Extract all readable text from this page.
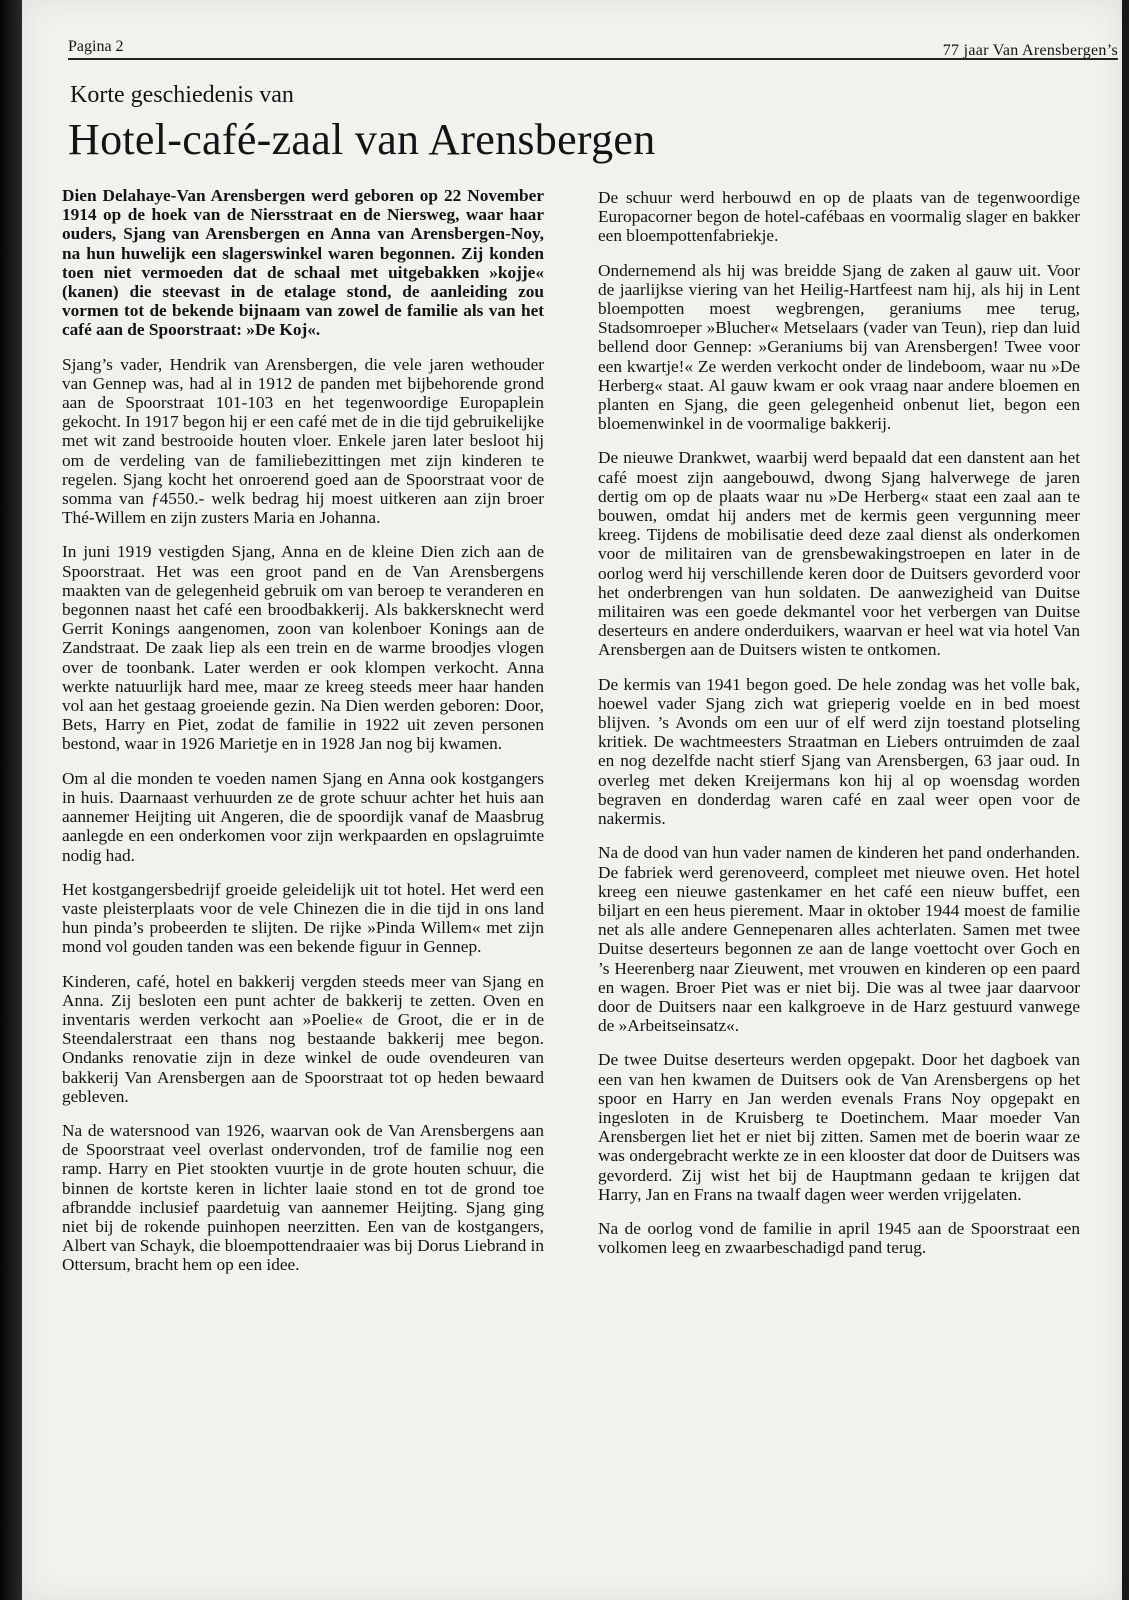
Pagina 2	77 jaar Van Arensbergen’s
Korte geschiedenis van
Hotel-café-zaal van Arensbergen

Dien Delahaye-Van Arensbergen werd geboren op 22 November 1914 op de hoek van de Niersstraat en de Niersweg, waar haar ouders, Sjang van Arensbergen en Anna van Arensbergen-Noy, na hun huwelijk een slagerswinkel waren begonnen. Zij konden toen niet vermoeden dat de schaal met uitgebakken »kojje« (kanen) die steevast in de etalage stond, de aanleiding zou vormen tot de bekende bijnaam van zowel de familie als van het café aan de Spoorstraat: »De Koj«.

Sjang’s vader, Hendrik van Arensbergen, die vele jaren wethouder van Gennep was, had al in 1912 de panden met bijbehorende grond aan de Spoorstraat 101-103 en het tegenwoordige Europaplein gekocht. In 1917 begon hij er een café met de in die tijd gebruikelijke met wit zand bestrooide houten vloer. Enkele jaren later besloot hij om de verdeling van de familiebezittingen met zijn kinderen te regelen. Sjang kocht het onroerend goed aan de Spoorstraat voor de somma van ƒ4550.- welk bedrag hij moest uitkeren aan zijn broer Thé-Willem en zijn zusters Maria en Johanna.

In juni 1919 vestigden Sjang, Anna en de kleine Dien zich aan de Spoorstraat. Het was een groot pand en de Van Arensbergens maakten van de gelegenheid gebruik om van beroep te veranderen en begonnen naast het café een broodbakkerij. Als bakkersknecht werd Gerrit Konings aangenomen, zoon van kolenboer Konings aan de Zandstraat. De zaak liep als een trein en de warme broodjes vlogen over de toonbank. Later werden er ook klompen verkocht. Anna werkte natuurlijk hard mee, maar ze kreeg steeds meer haar handen vol aan het gestaag groeiende gezin. Na Dien werden geboren: Door, Bets, Harry en Piet, zodat de familie in 1922 uit zeven personen bestond, waar in 1926 Marietje en in 1928 Jan nog bij kwamen.

Om al die monden te voeden namen Sjang en Anna ook kostgangers in huis. Daarnaast verhuurden ze de grote schuur achter het huis aan aannemer Heijting uit Angeren, die de spoordijk vanaf de Maasbrug aanlegde en een onderkomen voor zijn werkpaarden en opslagruimte nodig had.

Het kostgangersbedrijf groeide geleidelijk uit tot hotel. Het werd een vaste pleisterplaats voor de vele Chinezen die in die tijd in ons land hun pinda’s probeerden te slijten. De rijke »Pinda Willem« met zijn mond vol gouden tanden was een bekende figuur in Gennep.

Kinderen, café, hotel en bakkerij vergden steeds meer van Sjang en Anna. Zij besloten een punt achter de bakkerij te zetten. Oven en inventaris werden verkocht aan »Poelie« de Groot, die er in de Steendalerstraat een thans nog bestaande bakkerij mee begon. Ondanks renovatie zijn in deze winkel de oude ovendeuren van bakkerij Van Arensbergen aan de Spoorstraat tot op heden bewaard gebleven.

Na de watersnood van 1926, waarvan ook de Van Arensbergens aan de Spoorstraat veel overlast ondervonden, trof de familie nog een ramp. Harry en Piet stookten vuurtje in de grote houten schuur, die binnen de kortste keren in lichter laaie stond en tot de grond toe afbrandde inclusief paardetuig van aannemer Heijting. Sjang ging niet bij de rokende puinhopen neerzitten. Een van de kostgangers, Albert van Schayk, die bloempottendraaier was bij Dorus Liebrand in Ottersum, bracht hem op een idee.

De schuur werd herbouwd en op de plaats van de tegenwoordige Europacorner begon de hotel-cafébaas en voormalig slager en bakker een bloempottenfabriekje.

Ondernemend als hij was breidde Sjang de zaken al gauw uit. Voor de jaarlijkse viering van het Heilig-Hartfeest nam hij, als hij in Lent bloempotten moest wegbrengen, geraniums mee terug, Stadsomroeper »Blucher« Metselaars (vader van Teun), riep dan luid bellend door Gennep: »Geraniums bij van Arensbergen! Twee voor een kwartje!« Ze werden verkocht onder de lindeboom, waar nu »De Herberg« staat. Al gauw kwam er ook vraag naar andere bloemen en planten en Sjang, die geen gelegenheid onbenut liet, begon een bloemenwinkel in de voormalige bakkerij.

De nieuwe Drankwet, waarbij werd bepaald dat een danstent aan het café moest zijn aangebouwd, dwong Sjang halverwege de jaren dertig om op de plaats waar nu »De Herberg« staat een zaal aan te bouwen, omdat hij anders met de kermis geen vergunning meer kreeg. Tijdens de mobilisatie deed deze zaal dienst als onderkomen voor de militairen van de grensbewakingstroepen en later in de oorlog werd hij verschillende keren door de Duitsers gevorderd voor het onderbrengen van hun soldaten. De aanwezigheid van Duitse militairen was een goede dekmantel voor het verbergen van Duitse deserteurs en andere onderduikers, waarvan er heel wat via hotel Van Arensbergen aan de Duitsers wisten te ontkomen.

De kermis van 1941 begon goed. De hele zondag was het volle bak, hoewel vader Sjang zich wat grieperig voelde en in bed moest blijven. ’s Avonds om een uur of elf werd zijn toestand plotseling kritiek. De wachtmeesters Straatman en Liebers ontruimden de zaal en nog dezelfde nacht stierf Sjang van Arensbergen, 63 jaar oud. In overleg met deken Kreijermans kon hij al op woensdag worden begraven en donderdag waren café en zaal weer open voor de nakermis.

Na de dood van hun vader namen de kinderen het pand onderhanden. De fabriek werd gerenoveerd, compleet met nieuwe oven. Het hotel kreeg een nieuwe gastenkamer en het café een nieuw buffet, een biljart en een heus pierement. Maar in oktober 1944 moest de familie net als alle andere Gennepenaren alles achterlaten. Samen met twee Duitse deserteurs begonnen ze aan de lange voettocht over Goch en ’s Heerenberg naar Zieuwent, met vrouwen en kinderen op een paard en wagen. Broer Piet was er niet bij. Die was al twee jaar daarvoor door de Duitsers naar een kalkgroeve in de Harz gestuurd vanwege de »Arbeitseinsatz«.

De twee Duitse deserteurs werden opgepakt. Door het dagboek van een van hen kwamen de Duitsers ook de Van Arensbergens op het spoor en Harry en Jan werden evenals Frans Noy opgepakt en ingesloten in de Kruisberg te Doetinchem. Maar moeder Van Arensbergen liet het er niet bij zitten. Samen met de boerin waar ze was ondergebracht werkte ze in een klooster dat door de Duitsers was gevorderd. Zij wist het bij de Hauptmann gedaan te krijgen dat Harry, Jan en Frans na twaalf dagen weer werden vrijgelaten.

Na de oorlog vond de familie in april 1945 aan de Spoorstraat een volkomen leeg en zwaarbeschadigd pand terug.
